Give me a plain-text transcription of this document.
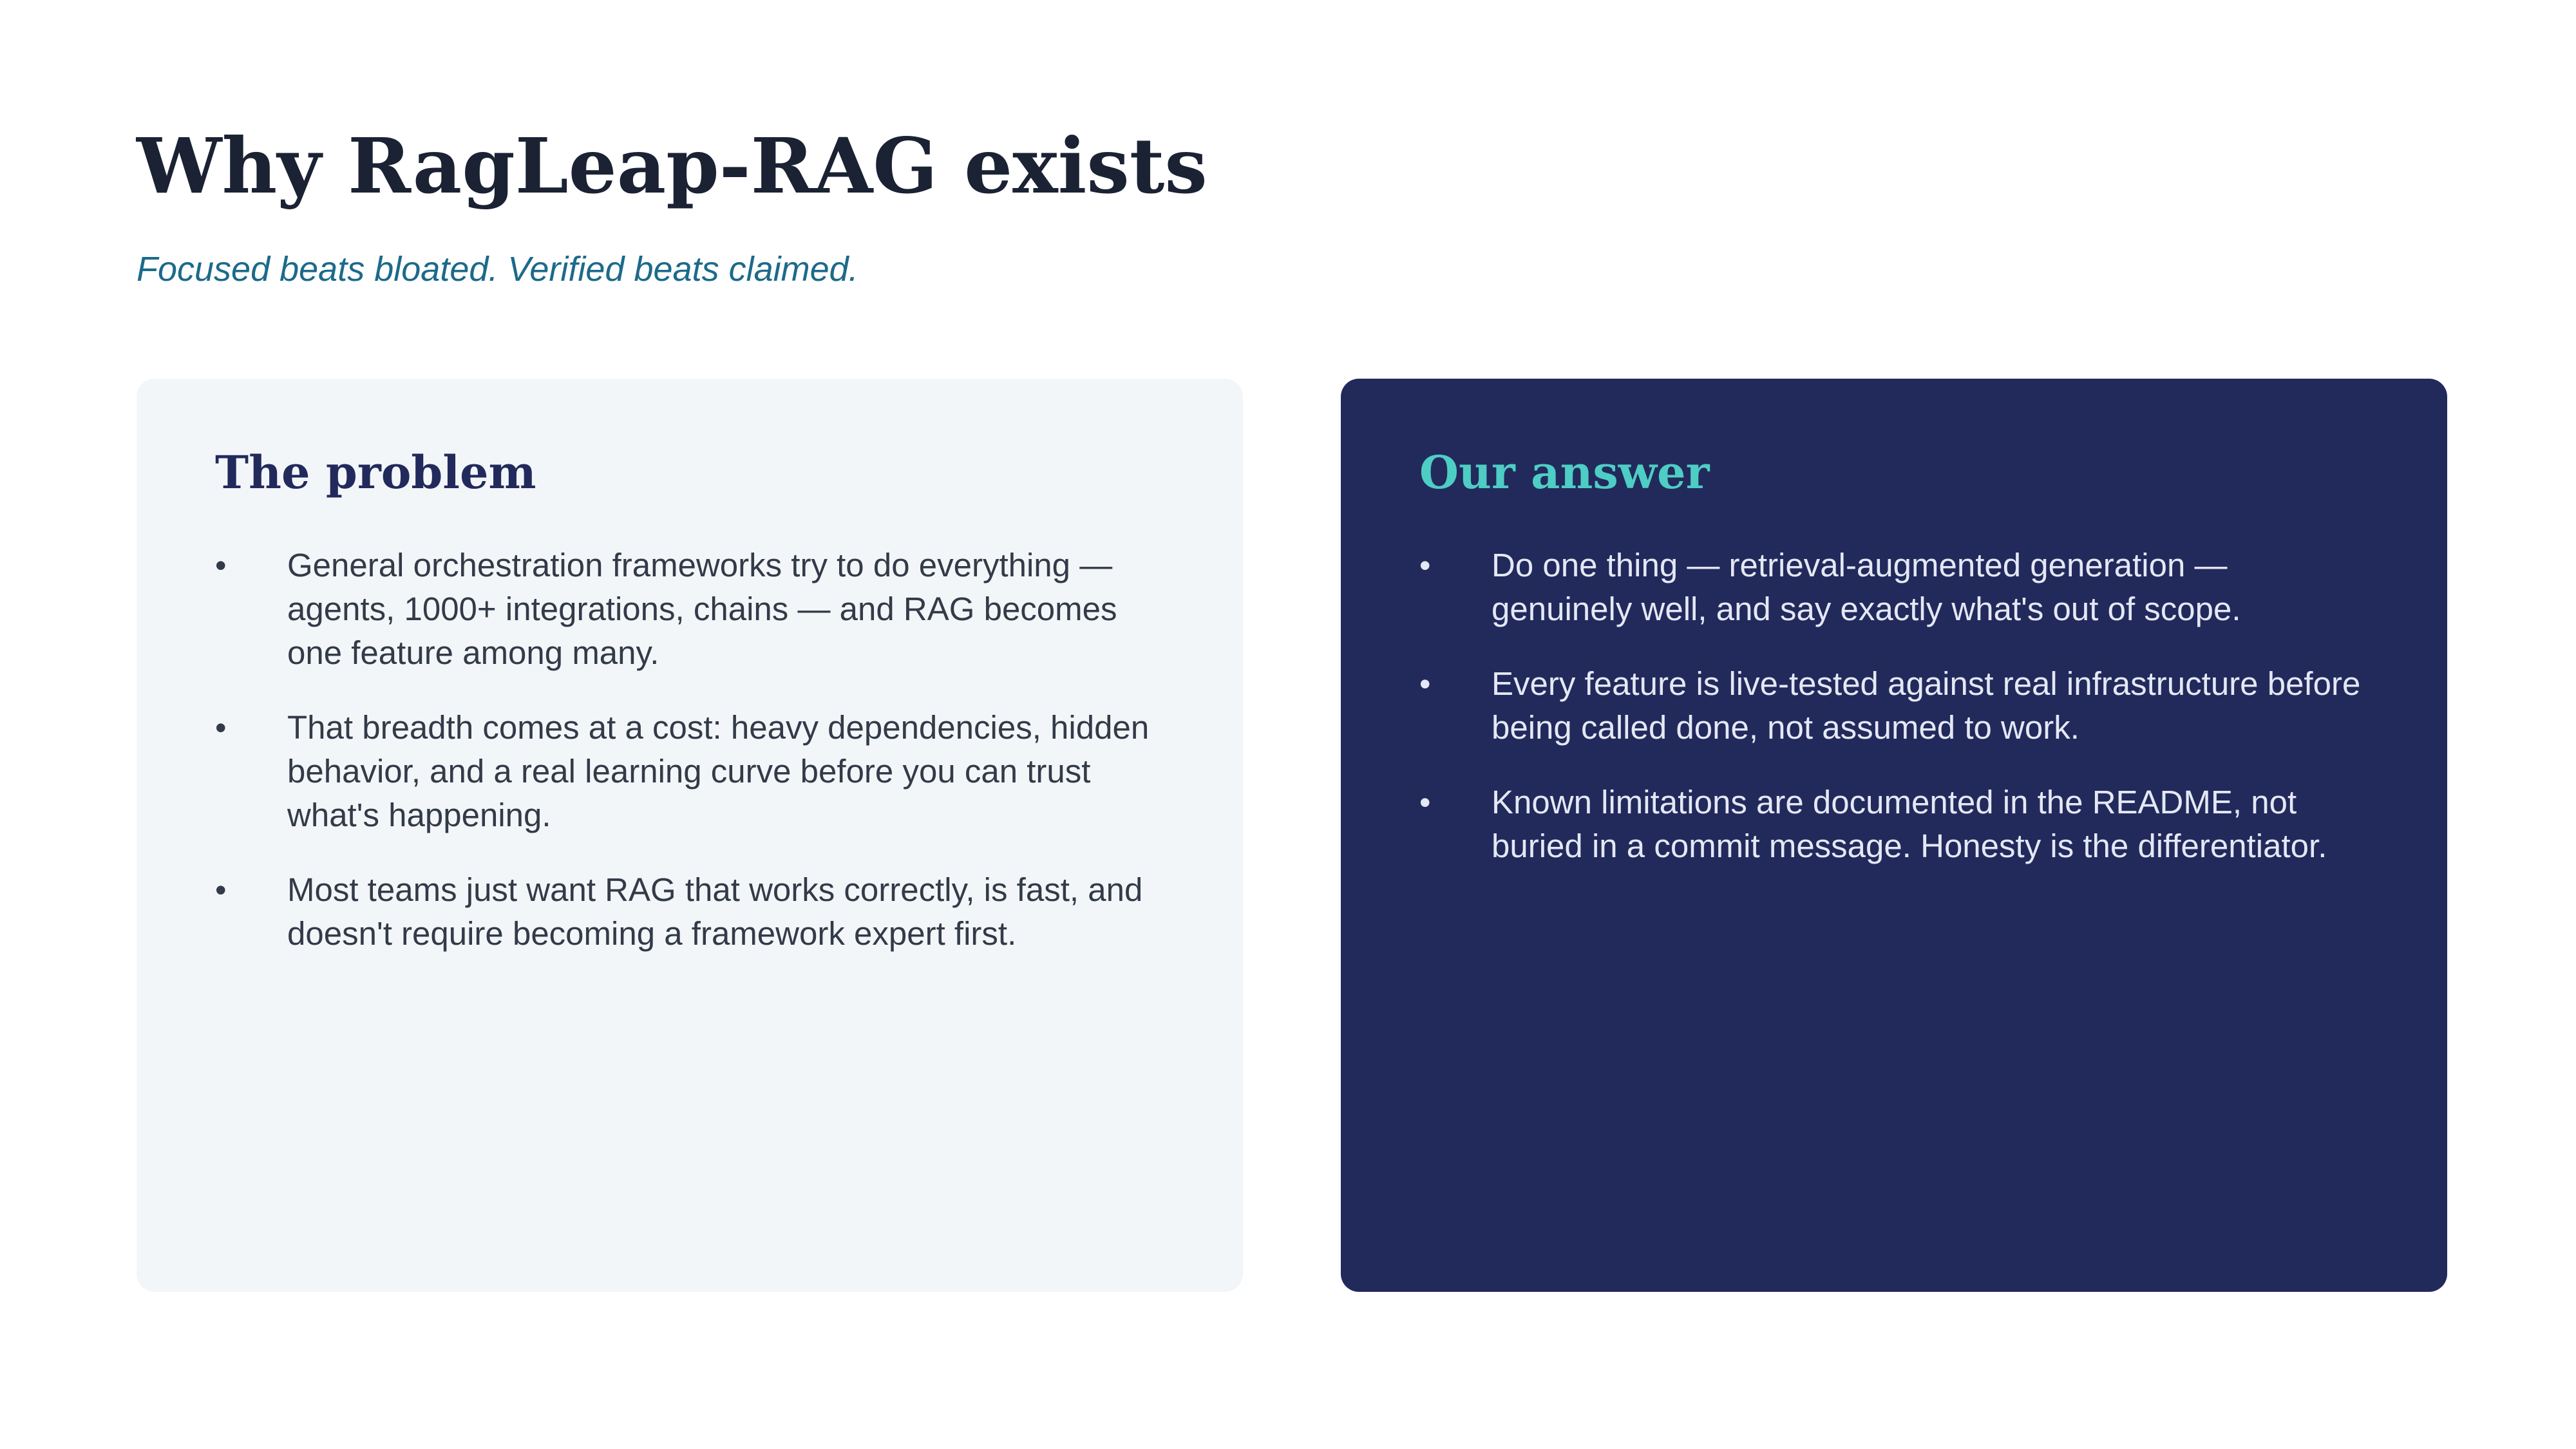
Why RagLeap-RAG exists

Focused beats bloated. Verified beats claimed.

The problem
•	General orchestration frameworks try to do everything — agents, 1000+ integrations, chains — and RAG becomes one feature among many.
•	That breadth comes at a cost: heavy dependencies, hidden behavior, and a real learning curve before you can trust what's happening.
•	Most teams just want RAG that works correctly, is fast, and doesn't require becoming a framework expert first.
Our answer
•	Do one thing — retrieval-augmented generation — genuinely well, and say exactly what's out of scope.
•	Every feature is live-tested against real infrastructure before being called done, not assumed to work.
•	Known limitations are documented in the README, not buried in a commit message. Honesty is the differentiator.
